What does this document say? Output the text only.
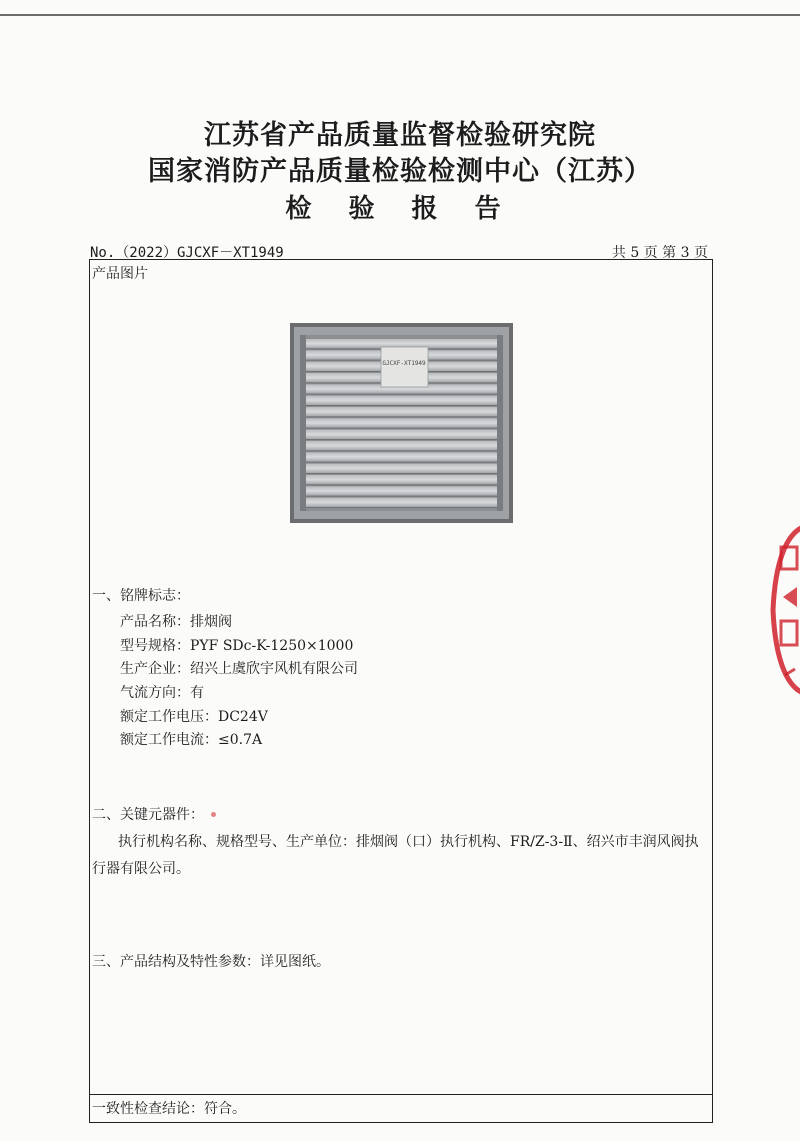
江苏省产品质量监督检验研究院
国家消防产品质量检验检测中心（江苏）
检 验 报 告
No.（2022）GJCXF－XT1949	共 5 页 第 3 页
产品图片
GJCXF-XT1949
一、铭牌标志：
产品名称：排烟阀
型号规格：PYF SDc-K-1250×1000
生产企业：绍兴上虞欣宇风机有限公司
气流方向：有
额定工作电压：DC24V
额定工作电流：≤0.7A
二、关键元器件：
执行机构名称、规格型号、生产单位：排烟阀（口）执行机构、FR/Z-3-Ⅱ、绍兴市丰润风阀执行器有限公司。
三、产品结构及特性参数：详见图纸。
一致性检查结论：符合。
